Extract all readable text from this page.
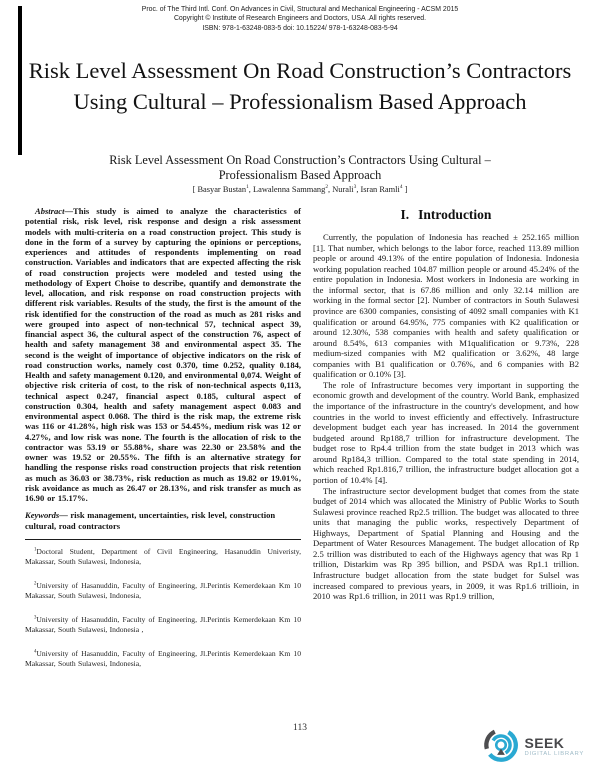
Proc. of The Third Intl. Conf. On Advances in Civil, Structural and Mechanical Engineering - ACSM 2015
Copyright © Institute of Research Engineers and Doctors, USA .All rights reserved.
ISBN: 978-1-63248-083-5 doi: 10.15224/ 978-1-63248-083-5-94
Risk Level Assessment On Road Construction’s Contractors Using Cultural – Professionalism Based Approach
Risk Level Assessment On Road Construction’s Contractors Using Cultural – Professionalism Based Approach
[ Basyar Bustan$^1$, Lawalenna Sammang$^2$, Nurali$^3$, Isran Ramli$^4$ ]

Abstract—This study is aimed to analyze the characteristics of potential risk, risk level, risk response and design a risk assessment models with multi-criteria on a road construction project. This study is done in the form of a survey by capturing the opinions or perceptions, experiences and attitudes of respondents implementing on road construction. Variables and indicators that are expected affecting the risk of road construction projects were modeled and tested using the methodology of Expert Choise to describe, quantify and demonstrate the level, allocation, and risk response on road construction projects with different risk variables. Results of the study, the first is the amount of the risk identified for the construction of the road as much as 281 risks and were grouped into aspect of non-technical 57, technical aspect 39, financial aspect 36, the cultural aspect of the construction 76, aspect of health and safety management 38 and environmental aspect 35. The second is the weight of importance of objective indicators on the risk of road construction works, namely cost 0.370, time 0.252, quality 0.184, Health and safety management 0.120, and environmental 0,074. Weight of objective risk criteria of cost, to the risk of non-technical aspects 0,113, technical aspect 0.247, financial aspect 0.185, cultural aspect of construction 0.304, health and safety management aspect 0.083 and environmental aspect 0.068. The third is the risk map, the extreme risk was 116 or 41.28%, high risk was 153 or 54.45%, medium risk was 12 or 4.27%, and low risk was none. The fourth is the allocation of risk to the contractor was 53.19 or 55.88%, share was 22.30 or 23.58% and the owner was 19.52 or 20.55%. The fifth is an alternative strategy for handling the response risks road construction projects that risk retention as much as 36.03 or 38.73%, risk reduction as much as 19.82 or 19.01%, risk avoidance as much as 26.47 or 28.13%, and risk transfer as much as 16.90 or 15.17%.

Keywords— risk management, uncertainties, risk level, construction cultural, road contractors

$^1$Doctoral Student, Department of Civil Engineering, Hasanuddin Univeristy, Makassar, South Sulawesi, Indonesia,

$^2$University of Hasanuddin, Faculty of Engineering, Jl.Perintis Kemerdekaan Km 10 Makassar, South Sulawesi, Indonesia,

$^3$University of Hasanuddin, Faculty of Engineering, Jl.Perintis Kemerdekaan Km 10 Makassar, South Sulawesi, Indonesia ,

$^4$University of Hasanuddin, Faculty of Engineering, Jl.Perintis Kemerdekaan Km 10 Makassar, South Sulawesi, Indonesia,

I. Introduction

Currently, the population of Indonesia has reached ± 252.165 million [1]. That number, which belongs to the labor force, reached 113.89 million people or around 49.13% of the entire population of Indonesia. Indonesia working population reached 104.87 million people or around 45.24% of the entire population in Indonesia. Most workers in Indonesia are working in the informal sector, that is 67.86 million and only 32.14 million are working in the formal sector [2]. Number of contractors in South Sulawesi province are 6300 companies, consisting of 4092 small companies with K1 qualification or around 64.95%, 775 companies with K2 qualification or around 12.30%, 538 companies with health and safety qualification or around 8.54%, 613 companies with M1qualification or 9.73%, 228 medium-sized companies with M2 qualification or 3.62%, 48 large companies with B1 qualification or 0.76%, and 6 companies with B2 qualification or 0.10% [3].

The role of Infrastructure becomes very important in supporting the economic growth and development of the country. World Bank, emphasized the importance of the infrastructure in the country's development, and how countries in the world to invest efficiently and effectively. Infrastructure development budget each year has increased. In 2014 the government budgeted around Rp188,7 trillion for infrastructure development. The budget rose to Rp4.4 trillion from the state budget in 2013 which was around Rp184,3 trillion. Compared to the total state spending in 2014, which reached Rp1.816,7 trillion, the infrastructure budget allocation got a portion of 10.4% [4].

The infrastructure sector development budget that comes from the state budget of 2014 which was allocated the Ministry of Public Works to South Sulawesi province reached Rp2.5 trillion. The budget was allocated to three units that managing the public works, respectively Department of Highways, Department of Spatial Planning and Housing and the Department of Water Resources Management. The budget allocation of Rp 2.5 trillion was distributed to each of the Highways agency that was Rp 1 trillion, Distarkim was Rp 395 billion, and PSDA was Rp1.1 trillion. Infrastructure budget allocation from the state budget for Sulsel was increased compared to previous years, in 2009, it was Rp1.6 trillioin, in 2010 was Rp1.6 trillion, in 2011 was Rp1.9 trillion,

113
SEEK
DIGITAL LIBRARY
